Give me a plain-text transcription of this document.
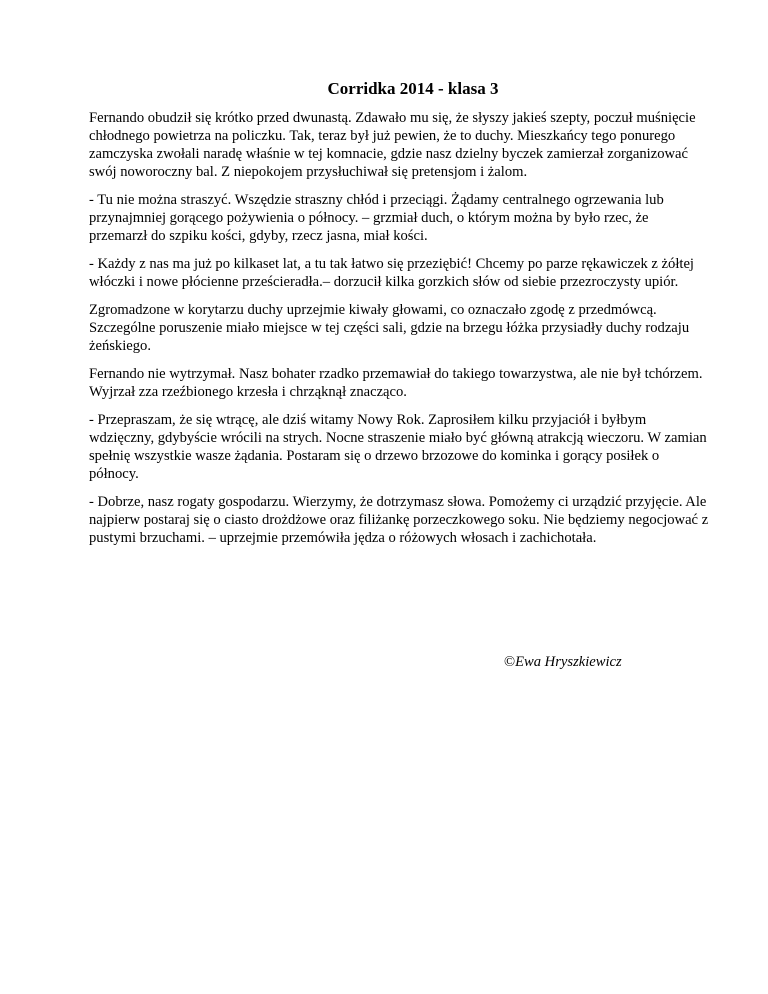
Corridka 2014 - klasa 3

Fernando obudził się krótko przed dwunastą. Zdawało mu się, że słyszy jakieś szepty, poczuł muśnięcie chłodnego powietrza na policzku. Tak, teraz był już pewien, że to duchy. Mieszkańcy tego ponurego zamczyska zwołali naradę właśnie w tej komnacie, gdzie nasz dzielny byczek zamierzał zorganizować swój noworoczny bal. Z niepokojem przysłuchiwał się pretensjom i żalom.

- Tu nie można straszyć. Wszędzie straszny chłód i przeciągi. Żądamy centralnego ogrzewania lub przynajmniej gorącego pożywienia o północy. – grzmiał duch, o którym można by było rzec, że przemarzł do szpiku kości, gdyby, rzecz jasna, miał kości.

- Każdy z nas ma już po kilkaset lat, a tu tak łatwo się przeziębić! Chcemy po parze rękawiczek z żółtej włóczki i nowe płócienne prześcieradła.– dorzucił kilka gorzkich słów od siebie przezroczysty upiór.

Zgromadzone w korytarzu duchy uprzejmie kiwały głowami, co oznaczało zgodę z przedmówcą. Szczególne poruszenie miało miejsce w tej części sali, gdzie na brzegu łóżka przysiadły duchy rodzaju żeńskiego.

Fernando nie wytrzymał. Nasz bohater rzadko przemawiał do takiego towarzystwa, ale nie był tchórzem. Wyjrzał zza rzeźbionego krzesła i chrząknął znacząco.

- Przepraszam, że się wtrącę, ale dziś witamy Nowy Rok. Zaprosiłem kilku przyjaciół i byłbym wdzięczny, gdybyście wrócili na strych. Nocne straszenie miało być główną atrakcją wieczoru. W zamian spełnię wszystkie wasze żądania. Postaram się o drzewo brzozowe do kominka i gorący posiłek o północy.

- Dobrze, nasz rogaty gospodarzu. Wierzymy, że dotrzymasz słowa. Pomożemy ci urządzić przyjęcie. Ale najpierw postaraj się o ciasto drożdżowe oraz filiżankę porzeczkowego soku. Nie będziemy negocjować z pustymi brzuchami. – uprzejmie przemówiła jędza o różowych włosach i zachichotała.

©Ewa Hryszkiewicz
